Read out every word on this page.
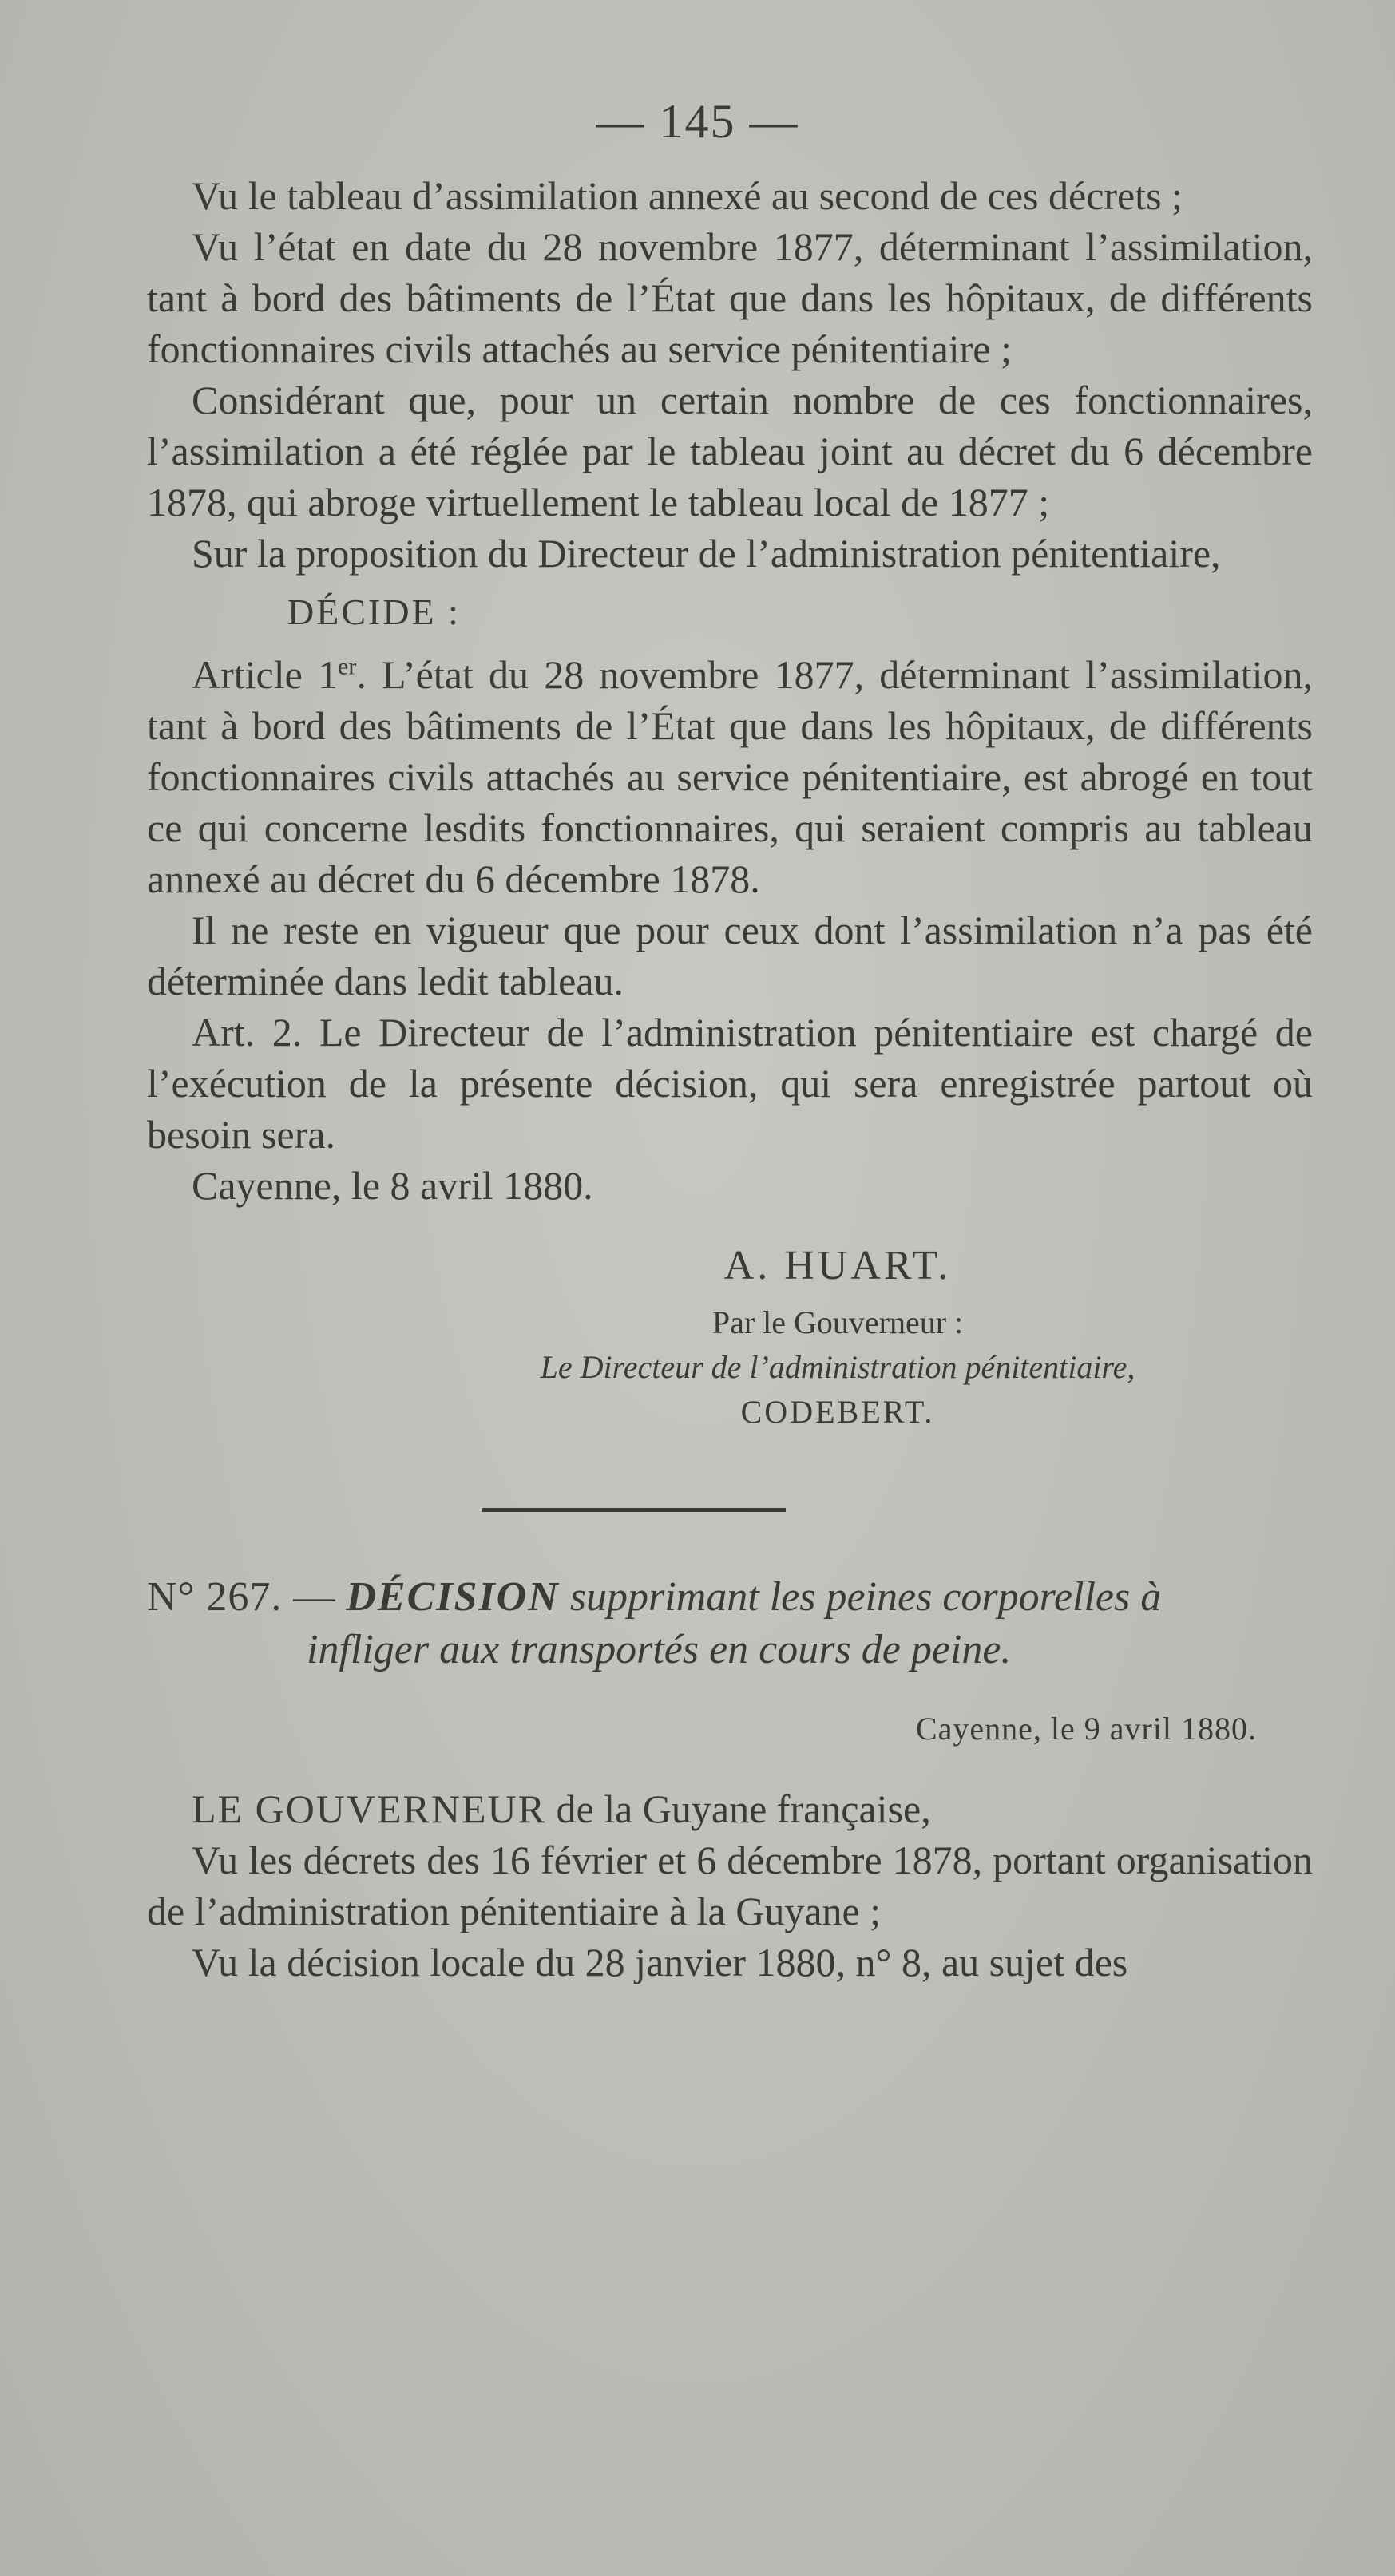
— 145 —

Vu le tableau d’assimilation annexé au second de ces décrets ;

Vu l’état en date du 28 novembre 1877, déterminant l’assimilation, tant à bord des bâtiments de l’État que dans les hôpitaux, de différents fonctionnaires civils attachés au service pénitentiaire ;

Considérant que, pour un certain nombre de ces fonctionnaires, l’assimilation a été réglée par le tableau joint au décret du 6 décembre 1878, qui abroge virtuellement le tableau local de 1877 ;

Sur la proposition du Directeur de l’administration pénitentiaire,

DÉCIDE :

Article 1er. L’état du 28 novembre 1877, déterminant l’assimilation, tant à bord des bâtiments de l’État que dans les hôpitaux, de différents fonctionnaires civils attachés au service pénitentiaire, est abrogé en tout ce qui concerne lesdits fonctionnaires, qui seraient compris au tableau annexé au décret du 6 décembre 1878.

Il ne reste en vigueur que pour ceux dont l’assimilation n’a pas été déterminée dans ledit tableau.

Art. 2. Le Directeur de l’administration pénitentiaire est chargé de l’exécution de la présente décision, qui sera enregistrée partout où besoin sera.

Cayenne, le 8 avril 1880.

A. HUART.
Par le Gouverneur :
Le Directeur de l’administration pénitentiaire,
CODEBERT.

N° 267. — DÉCISION supprimant les peines corporelles à
infliger aux transportés en cours de peine.

Cayenne, le 9 avril 1880.

LE GOUVERNEUR de la Guyane française,

Vu les décrets des 16 février et 6 décembre 1878, portant organisation de l’administration pénitentiaire à la Guyane ;

Vu la décision locale du 28 janvier 1880, n° 8, au sujet des
